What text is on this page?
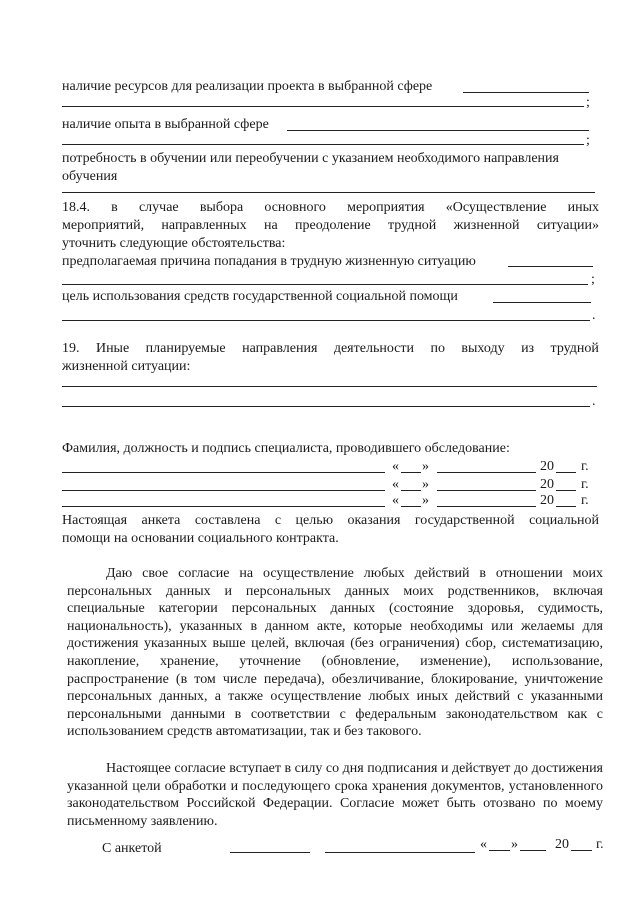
наличие ресурсов для реализации проекта в выбранной сфере
;
наличие опыта в выбранной сфере
;
потребность в обучении или переобучении с указанием необходимого направления
обучения
18.4. в случае выбора основного мероприятия «Осуществление иных
мероприятий, направленных на преодоление трудной жизненной ситуации»
уточнить следующие обстоятельства:
предполагаемая причина попадания в трудную жизненную ситуацию
;
цель использования средств государственной социальной помощи
.
19. Иные планируемые направления деятельности по выходу из трудной
жизненной ситуации:
.
Фамилия, должность и подпись специалиста, проводившего обследование:
« »	20 г.
« »	20 г.
« »	20 г.
Настоящая анкета составлена с целью оказания государственной социальной
помощи на основании социального контракта.
Даю свое согласие на осуществление любых действий в отношении моих персональных данных и персональных данных моих родственников, включая специальные категории персональных данных (состояние здоровья, судимость, национальность), указанных в данном акте, которые необходимы или желаемы для достижения указанных выше целей, включая (без ограничения) сбор, систематизацию, накопление, хранение, уточнение (обновление, изменение), использование, распространение (в том числе передача), обезличивание, блокирование, уничтожение персональных данных, а также осуществление любых иных действий с указанными персональными данными в соответствии с федеральным законодательством как с использованием средств автоматизации, так и без такового.
Настоящее согласие вступает в силу со дня подписания и действует до достижения указанной цели обработки и последующего срока хранения документов, установленного законодательством Российской Федерации. Согласие может быть отозвано по моему письменному заявлению.
С анкетой	« »	20 г.
